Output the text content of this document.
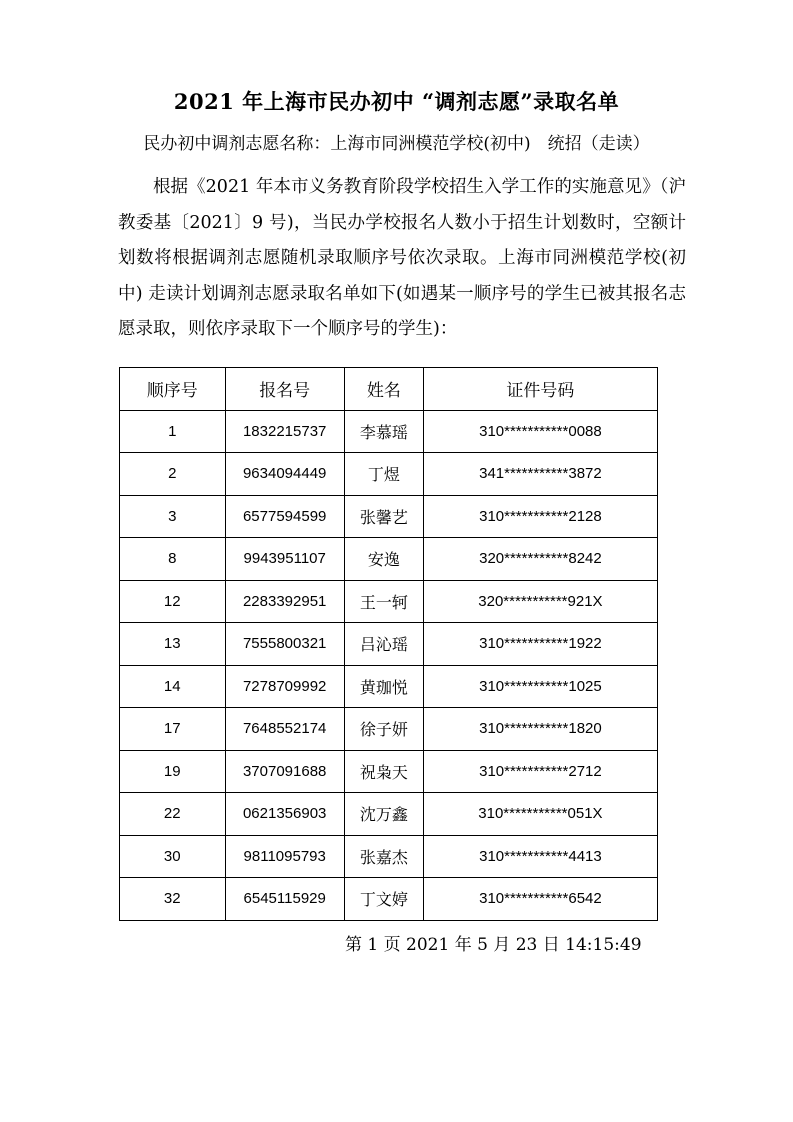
2021 年上海市民办初中 “调剂志愿”录取名单
民办初中调剂志愿名称：上海市同洲模范学校(初中)　统招（走读）

根据《2021 年本市义务教育阶段学校招生入学工作的实施意见》（沪教委基〔2021〕9 号)，当民办学校报名人数小于招生计划数时，空额计划数将根据调剂志愿随机录取顺序号依次录取。上海市同洲模范学校(初中) 走读计划调剂志愿录取名单如下(如遇某一顺序号的学生已被其报名志愿录取，则依序录取下一个顺序号的学生)：

顺序号	报名号	姓名	证件号码
1	1832215737	李慕瑶	310***********0088
2	9634094449	丁煜	341***********3872
3	6577594599	张馨艺	310***********2128
8	9943951107	安逸	320***********8242
12	2283392951	王一轲	320***********921X
13	7555800321	吕沁瑶	310***********1922
14	7278709992	黄珈悦	310***********1025
17	7648552174	徐子妍	310***********1820
19	3707091688	祝枭天	310***********2712
22	0621356903	沈万鑫	310***********051X
30	9811095793	张嘉杰	310***********4413
32	6545115929	丁文婷	310***********6542
第 1 页 2021 年 5 月 23 日 14:15:49
